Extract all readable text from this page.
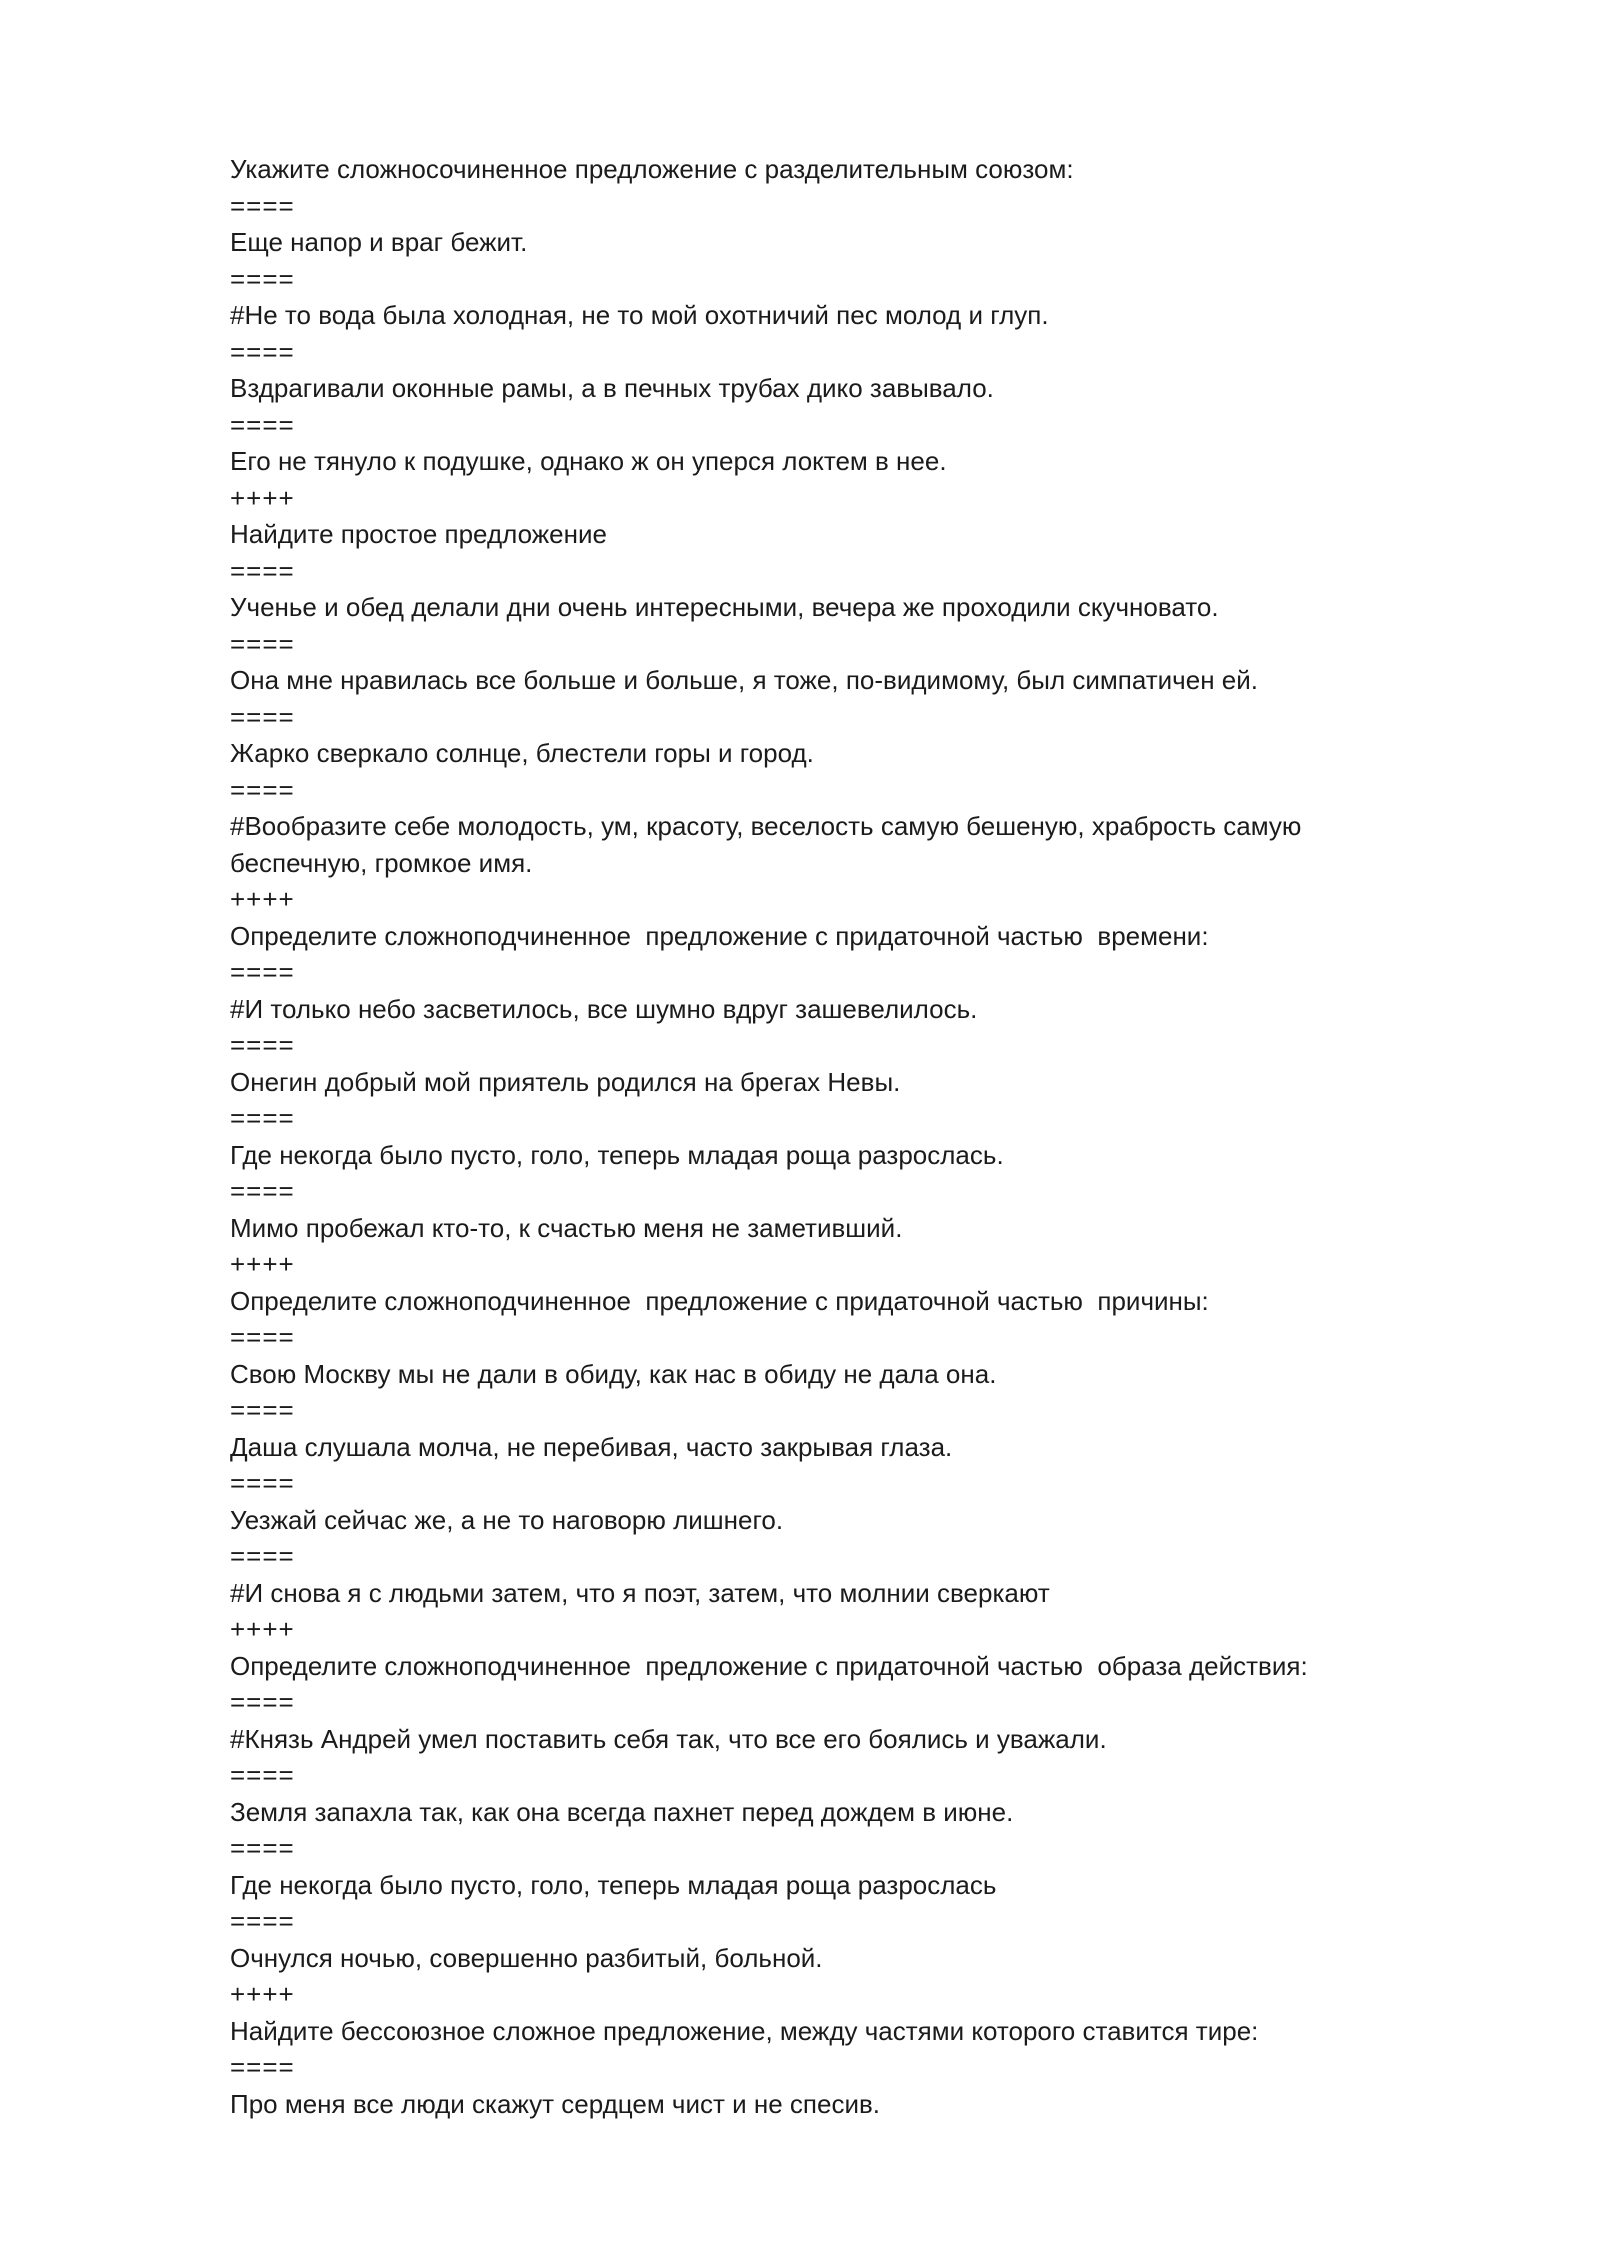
Укажите сложносочиненное предложение с разделительным союзом:
====
Еще напор и враг бежит.
====
#Не то вода была холодная, не то мой охотничий пес молод и глуп.
====
Вздрагивали оконные рамы, а в печных трубах дико завывало.
====
Его не тянуло к подушке, однако ж он уперся локтем в нее.
++++
Найдите простое предложение
====
Ученье и обед делали дни очень интересными, вечера же проходили скучновато.
====
Она мне нравилась все больше и больше, я тоже, по-видимому, был симпатичен ей.
====
Жарко сверкало солнце, блестели горы и город.
====
#Вообразите себе молодость, ум, красоту, веселость самую бешеную, храбрость самую беспечную, громкое имя.
++++
Определите сложноподчиненное  предложение с придаточной частью  времени:
====
#И только небо засветилось, все шумно вдруг зашевелилось.
====
Онегин добрый мой приятель родился на брегах Невы.
====
Где некогда было пусто, голо, теперь младая роща разрослась.
====
Мимо пробежал кто-то, к счастью меня не заметивший.
++++
Определите сложноподчиненное  предложение с придаточной частью  причины:
====
Свою Москву мы не дали в обиду, как нас в обиду не дала она.
====
Даша слушала молча, не перебивая, часто закрывая глаза.
====
Уезжай сейчас же, а не то наговорю лишнего.
====
#И снова я с людьми затем, что я поэт, затем, что молнии сверкают
++++
Определите сложноподчиненное  предложение с придаточной частью  образа действия:
====
#Князь Андрей умел поставить себя так, что все его боялись и уважали.
====
Земля запахла так, как она всегда пахнет перед дождем в июне.
====
Где некогда было пусто, голо, теперь младая роща разрослась
====
Очнулся ночью, совершенно разбитый, больной.
++++
Найдите бессоюзное сложное предложение, между частями которого ставится тире:
====
Про меня все люди скажут сердцем чист и не спесив.
